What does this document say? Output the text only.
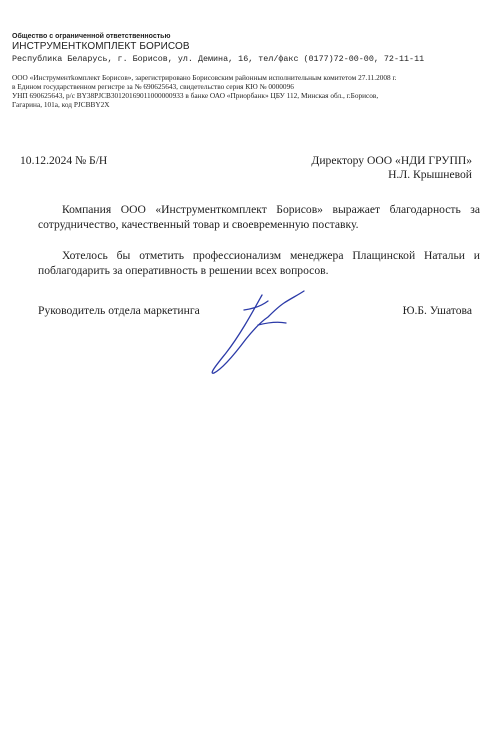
Общество с ограниченной ответственностью
ИНСТРУМЕНТКОМПЛЕКТ БОРИСОВ
Республика Беларусь, г. Борисов, ул. Демина, 16, тел/факс (0177)72-00-00, 72-11-11
ООО «Инструментkомплект Борисов», зарегистрировано Борисовским районным исполнительным комитетом 27.11.2008 г.
в Едином государственном регистре за № 690625643, свидетельство серия КЮ № 0000096
УНП 690625643, р/с BY38PJCB30120169011000000933 в банке ОАО «Приорбанк» ЦБУ 112, Минская обл., г.Борисов,
Гагарина, 101а, код PJCBBY2X
10.12.2024 № Б/Н	Директору ООО «НДИ ГРУПП»
Н.Л. Крышневой
Компания ООО «Инструменткомплект Борисов» выражает благодарность за сотрудничество, качественный товар и своевременную поставку.
Хотелось бы отметить профессионализм менеджера Плащинской Натальи и поблагодарить за оперативность в решении всех вопросов.
Руководитель отдела маркетинга	Ю.Б. Ушатова
